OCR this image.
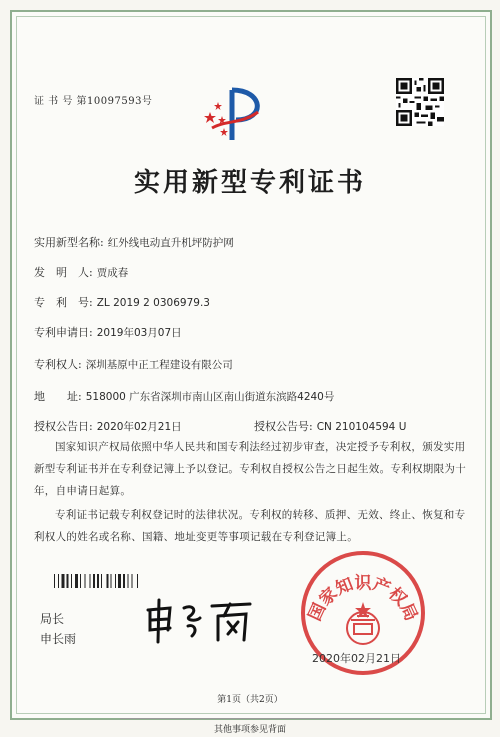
证 书 号 第10097593号
实用新型专利证书
实用新型名称: 红外线电动直升机坪防护网
发　明　人: 贾成春
专　利　号: ZL 2019 2 0306979.3
专利申请日: 2019年03月07日
专利权人: 深圳基原中正工程建设有限公司
地　　址: 518000 广东省深圳市南山区南山街道东滨路4240号
授权公告日: 2020年02月21日	授权公告号: CN 210104594 U
国家知识产权局依照中华人民共和国专利法经过初步审查，决定授予专利权，颁发实用新型专利证书并在专利登记簿上予以登记。专利权自授权公告之日起生效。专利权期限为十年，自申请日起算。
专利证书记载专利权登记时的法律状况。专利权的转移、质押、无效、终止、恢复和专利权人的姓名或名称、国籍、地址变更等事项记载在专利登记簿上。
局长
申长雨
国家知识产权局
2020年02月21日
第1页（共2页）
其他事项参见背面
